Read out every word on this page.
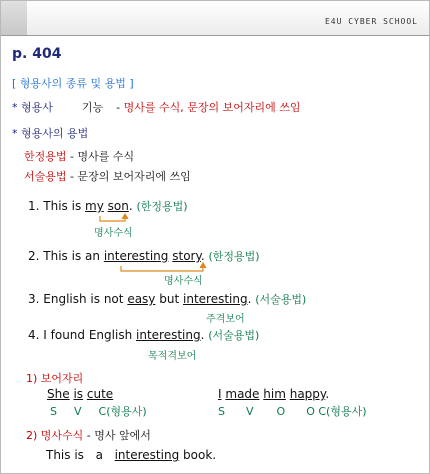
E4U CYBER SCHOOL
p. 404
[ 형용사의 종류 및 용법 ]
* 형용사	기능 - 명사를 수식, 문장의 보어자리에 쓰임
* 형용사의 용법
한정용법 - 명사를 수식
서술용법 - 문장의 보어자리에 쓰임
1. This is my son. (한정용법)
명사수식
2. This is an interesting story. (한정용법)
명사수식
3. English is not easy but interesting. (서술용법)
주격보어
4. I found English interesting. (서술용법)
목적격보어
1) 보어자리
She is cute
S V C(형용사)
I made him happy.
S V O O C(형용사)
2) 명사수식 - 명사 앞에서
This is a interesting book.
